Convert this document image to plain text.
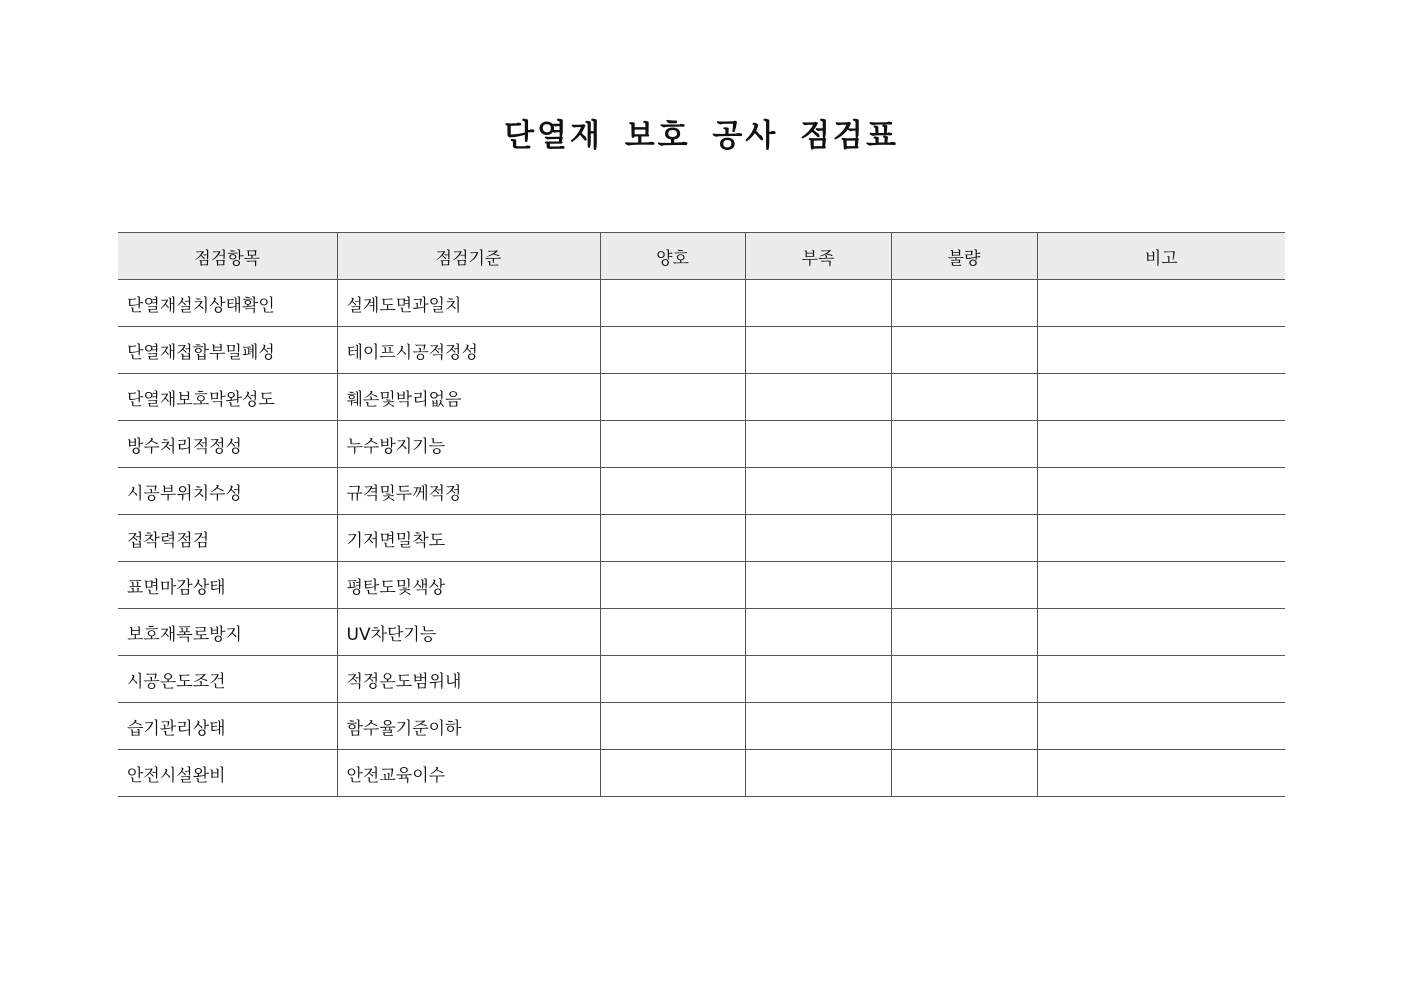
단열재 보호 공사 점검표
점검항목	점검기준	양호	부족	불량	비고
단열재설치상태확인	설계도면과일치				
단열재접합부밀폐성	테이프시공적정성				
단열재보호막완성도	훼손및박리없음				
방수처리적정성	누수방지기능				
시공부위치수성	규격및두께적정				
접착력점검	기저면밀착도				
표면마감상태	평탄도및색상				
보호재폭로방지	UV차단기능				
시공온도조건	적정온도범위내				
습기관리상태	함수율기준이하				
안전시설완비	안전교육이수				
